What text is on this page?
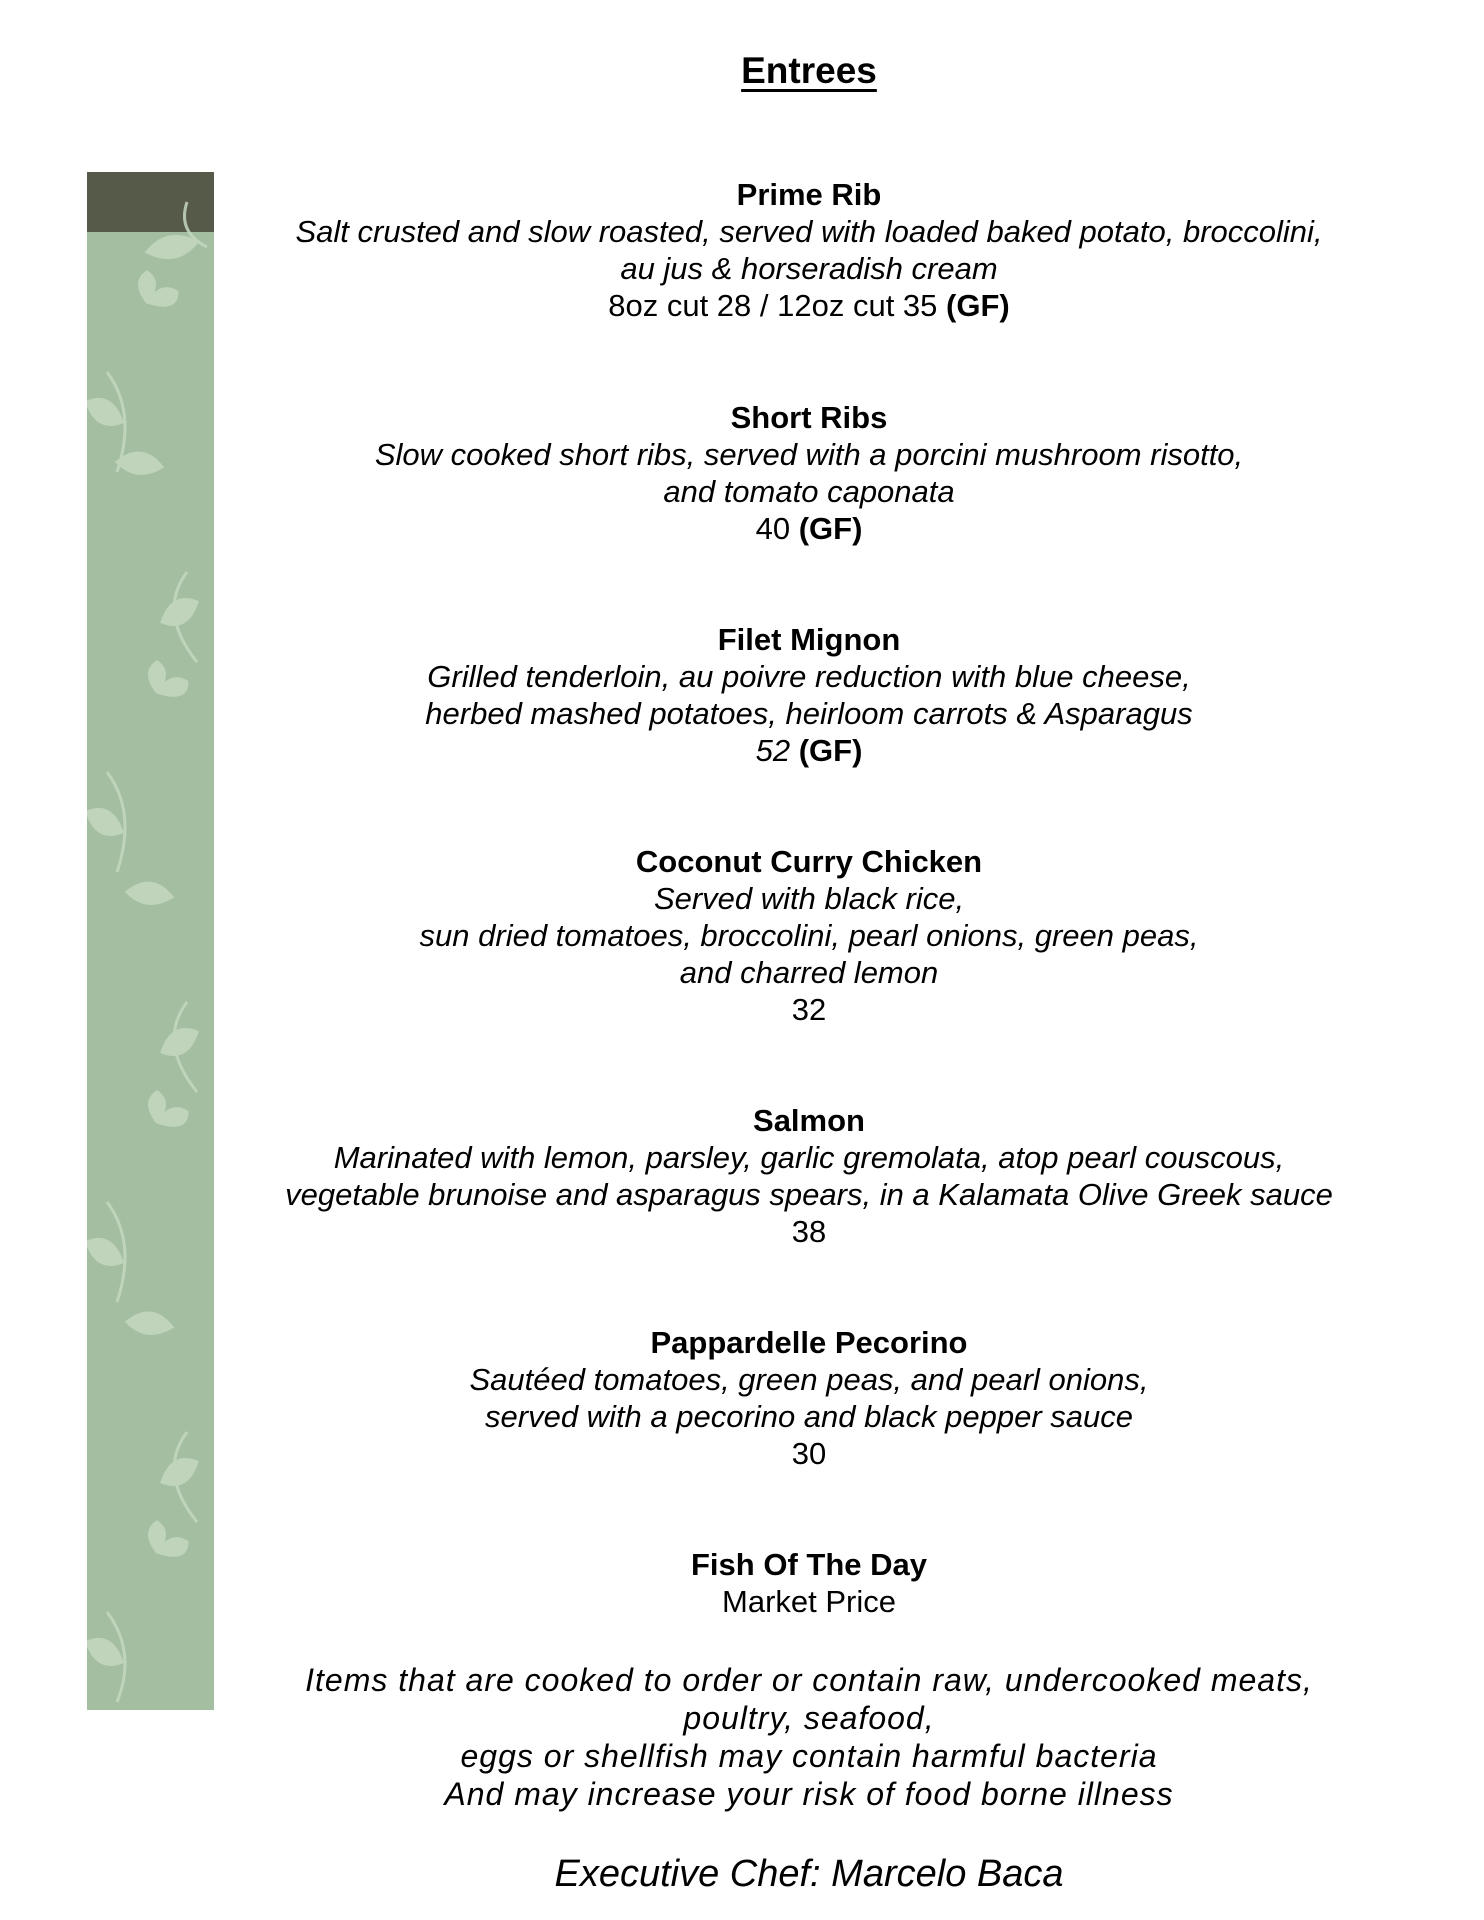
Entrees
Prime Rib
Salt crusted and slow roasted, served with loaded baked potato, broccolini,
au jus & horseradish cream
8oz cut 28 / 12oz cut 35 (GF)
Short Ribs
Slow cooked short ribs, served with a porcini mushroom risotto,
and tomato caponata
40 (GF)
Filet Mignon
Grilled tenderloin, au poivre reduction with blue cheese,
herbed mashed potatoes, heirloom carrots & Asparagus
52 (GF)
Coconut Curry Chicken
Served with black rice,
sun dried tomatoes, broccolini, pearl onions, green peas,
and charred lemon
32
Salmon
Marinated with lemon, parsley, garlic gremolata, atop pearl couscous,
vegetable brunoise and asparagus spears, in a Kalamata Olive Greek sauce
38
Pappardelle Pecorino
Sautéed tomatoes, green peas, and pearl onions,
served with a pecorino and black pepper sauce
30
Fish Of The Day
Market Price
Items that are cooked to order or contain raw, undercooked meats,
poultry, seafood,
eggs or shellfish may contain harmful bacteria
And may increase your risk of food borne illness
Executive Chef: Marcelo Baca
